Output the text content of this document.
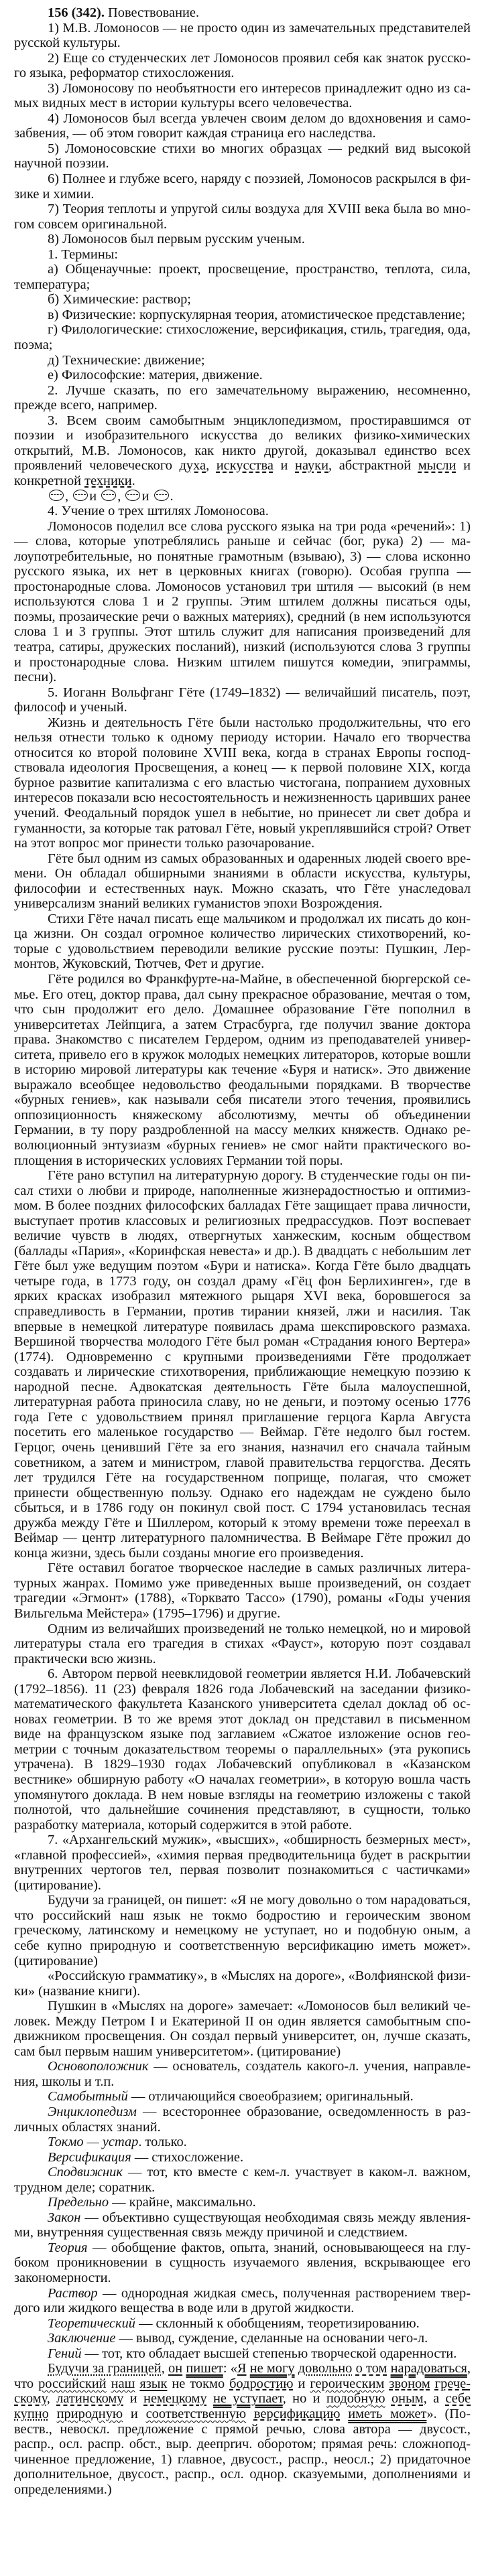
156 (342). Повествование.

1) М.В. Ломоносов — не просто один из замечательных представителей русской культуры.

2) Еще со студенческих лет Ломоносов проявил себя как знаток русского языка, реформатор стихосложения.

3) Ломоносову по необъятности его интересов принадлежит одно из самых видных мест в истории культуры всего человечества.

4) Ломоносов был всегда увлечен своим делом до вдохновения и самозабвения, — об этом говорит каждая страница его наследства.

5) Ломоносовские стихи во многих образцах — редкий вид высокой научной поэзии.

6) Полнее и глубже всего, наряду с поэзией, Ломоносов раскрылся в физике и химии.

7) Теория теплоты и упругой силы воздуха для XVIII века была во многом совсем оригинальной.

8) Ломоносов был первым русским ученым.

1. Термины:

а) Общенаучные: проект, просвещение, пространство, теплота, сила, температура;

б) Химические: раствор;

в) Физические: корпускулярная теория, атомистическое представление;

г) Филологические: стихосложение, версификация, стиль, трагедия, ода, поэма;

д) Технические: движение;

е) Философские: материя, движение.

2. Лучше сказать, по его замечательному выражению, несомненно, прежде всего, например.

3. Всем своим самобытным энциклопедизмом, простиравшимся от поэзии и изобразительного искусства до великих физико-химических открытий, М.В. Ломоносов, как никто другой, доказывал единство всех проявлений человеческого духа, искусства и науки, абстрактной мысли и конкретной техники.

, и , и .

4. Учение о трех штилях Ломоносова.

Ломоносов поделил все слова русского языка на три рода «речений»: 1) — слова, которые употреблялись раньше и сейчас (бог, рука) 2) — малоупотребительные, но понятные грамотным (взываю), 3) — слова исконно русского языка, их нет в церковных книгах (говорю). Особая группа — простонародные слова. Ломоносов установил три штиля — высокий (в нем используются слова 1 и 2 группы. Этим штилем должны писаться оды, поэмы, прозаические речи о важных материях), средний (в нем используются слова 1 и 3 группы. Этот штиль служит для написания произведений для театра, сатиры, дружеских посланий), низкий (используются слова 3 группы и простонародные слова. Низким штилем пишутся комедии, эпиграммы, песни).

5. Иоганн Вольфганг Гёте (1749–1832) — величайший писатель, поэт, философ и ученый.

Жизнь и деятельность Гёте были настолько продолжительны, что его нельзя отнести только к одному периоду истории. Начало его творчества относится ко второй половине XVIII века, когда в странах Европы господствовала идеология Просвещения, а конец — к первой половине XIX, когда бурное развитие капитализма с его властью чистогана, попранием духовных интересов показали всю несостоятельность и нежизненность царивших ранее учений. Феодальный порядок ушел в небытие, но принесет ли свет добра и гуманности, за которые так ратовал Гёте, новый укреплявшийся строй? Ответ на этот вопрос мог принести только разочарование.

Гёте был одним из самых образованных и одаренных людей своего времени. Он обладал обширными знаниями в области искусства, культуры, философии и естественных наук. Можно сказать, что Гёте унаследовал универсализм знаний великих гуманистов эпохи Возрождения.

Стихи Гёте начал писать еще мальчиком и продолжал их писать до конца жизни. Он создал огромное количество лирических стихотворений, которые с удовольствием переводили великие русские поэты: Пушкин, Лермонтов, Жуковский, Тютчев, Фет и другие.

Гёте родился во Франкфурте-на-Майне, в обеспеченной бюргерской семье. Его отец, доктор права, дал сыну прекрасное образование, мечтая о том, что сын продолжит его дело. Домашнее образование Гёте пополнил в университетах Лейпцига, а затем Страсбурга, где получил звание доктора права. Знакомство с писателем Гердером, одним из преподавателей университета, привело его в кружок молодых немецких литераторов, которые вошли в историю мировой литературы как течение «Буря и натиск». Это движение выражало всеобщее недовольство феодальными порядками. В творчестве «бурных гениев», как называли себя писатели этого течения, проявились оппозиционность княжескому абсолютизму, мечты об объединении Германии, в ту пору раздробленной на массу мелких княжеств. Однако революционный энтузиазм «бурных гениев» не смог найти практического воплощения в исторических условиях Германии той поры.

Гёте рано вступил на литературную дорогу. В студенческие годы он писал стихи о любви и природе, наполненные жизнерадостностью и оптимизмом. В более поздних философских балладах Гёте защищает права личности, выступает против классовых и религиозных предрассудков. Поэт воспевает величие чувств в людях, отвергнутых ханжеским, косным обществом (баллады «Пария», «Коринфская невеста» и др.). В двадцать с небольшим лет Гёте был уже ведущим поэтом «Бури и натиска». Когда Гёте было двадцать четыре года, в 1773 году, он создал драму «Гёц фон Берлихинген», где в ярких красках изобразил мятежного рыцаря XVI века, боровшегося за справедливость в Германии, против тирании князей, лжи и насилия. Так впервые в немецкой литературе появилась драма шекспировского размаха. Вершиной творчества молодого Гёте был роман «Страдания юного Вертера» (1774). Одновременно с крупными произведениями Гёте продолжает создавать и лирические стихотворения, приближающие немецкую поэзию к народной песне. Адвокатская деятельность Гёте была малоуспешной, литературная работа приносила славу, но не деньги, и поэтому осенью 1776 года Гете с удовольствием принял приглашение герцога Карла Августа посетить его маленькое государство — Веймар. Гёте недолго был гостем. Герцог, очень ценивший Гёте за его знания, назначил его сначала тайным советником, а затем и министром, главой правительства герцогства. Десять лет трудился Гёте на государственном поприще, полагая, что сможет принести общественную пользу. Однако его надеждам не суждено было сбыться, и в 1786 году он покинул свой пост. С 1794 установилась тесная дружба между Гёте и Шиллером, который к этому времени тоже переехал в Веймар — центр литературного паломничества. В Веймаре Гёте прожил до конца жизни, здесь были созданы многие его произведения.

Гёте оставил богатое творческое наследие в самых различных литературных жанрах. Помимо уже приведенных выше произведений, он создает трагедии «Эгмонт» (1788), «Торквато Тассо» (1790), романы «Годы учения Вильгельма Мейстера» (1795–1796) и другие.

Одним из величайших произведений не только немецкой, но и мировой литературы стала его трагедия в стихах «Фауст», которую поэт создавал практически всю жизнь.

6. Автором первой неевклидовой геометрии является Н.И. Лобачевский (1792–1856). 11 (23) февраля 1826 года Лобачевский на заседании физико-математического факультета Казанского университета сделал доклад об основах геометрии. В то же время этот доклад он представил в письменном виде на французском языке под заглавием «Сжатое изложение основ геометрии с точным доказательством теоремы о параллельных» (эта рукопись утрачена). В 1829–1930 годах Лобачевский опубликовал в «Казанском вестнике» обширную работу «О началах геометрии», в которую вошла часть упомянутого доклада. В нем новые взгляды на геометрию изложены с такой полнотой, что дальнейшие сочинения представляют, в сущности, только разработку материала, который содержится в этой работе.

7. «Архангельский мужик», «высших», «обширность безмерных мест», «главной профессией», «химия первая предводительница будет в раскрытии внутренних чертогов тел, первая позволит познакомиться с частичками» (цитирование).

Будучи за границей, он пишет: «Я не могу довольно о том нарадоваться, что российский наш язык не токмо бодростию и героическим звоном греческому, латинскому и немецкому не уступает, но и подобную оным, а себе купно природную и соответственную версификацию иметь может». (цитирование)

«Российскую грамматику», в «Мыслях на дороге», «Волфиянской физики» (название книги).

Пушкин в «Мыслях на дороге» замечает: «Ломоносов был великий человек. Между Петром I и Екатериной II он один является самобытным сподвижником просвещения. Он создал первый университет, он, лучше сказать, сам был первым нашим университетом». (цитирование)

Основоположник — основатель, создатель какого-л. учения, направления, школы и т.п.

Самобытный — отличающийся своеобразием; оригинальный.

Энциклопедизм — всестороннее образование, осведомленность в различных областях знаний.

Токмо — устар. только.

Версификация — стихосложение.

Сподвижник — тот, кто вместе с кем-л. участвует в каком-л. важном, трудном деле; соратник.

Предельно — крайне, максимально.

Закон — объективно существующая необходимая связь между явлениями, внутренняя существенная связь между причиной и следствием.

Теория — обобщение фактов, опыта, знаний, основывающееся на глубоком проникновении в сущность изучаемого явления, вскрывающее его закономерности.

Раствор — однородная жидкая смесь, полученная растворением твердого или жидкого вещества в воде или в другой жидкости.

Теоретический — склонный к обобщениям, теоретизированию.

Заключение — вывод, суждение, сделанные на основании чего-л.

Гений — тот, кто обладает высшей степенью творческой одаренности.

Будучи за границей, он пишет: «Я не могу довольно о том нарадоваться, что российский наш язык не токмо бодростию и героическим звоном греческому, латинскому и немецкому не уступает, но и подобную оным, а себе купно природную и соответственную версификацию иметь может». (Повеств., невоскл. предложение с прямой речью, слова автора — двусост., распр., осл. распр. обст., выр. деепprич. оборотом; прямая речь: сложноподчиненное предложение, 1) главное, двусост., распр., неосл.; 2) придаточное дополнительное, двусост., распр., осл. однор. сказуемыми, дополнениями и определениями.)
